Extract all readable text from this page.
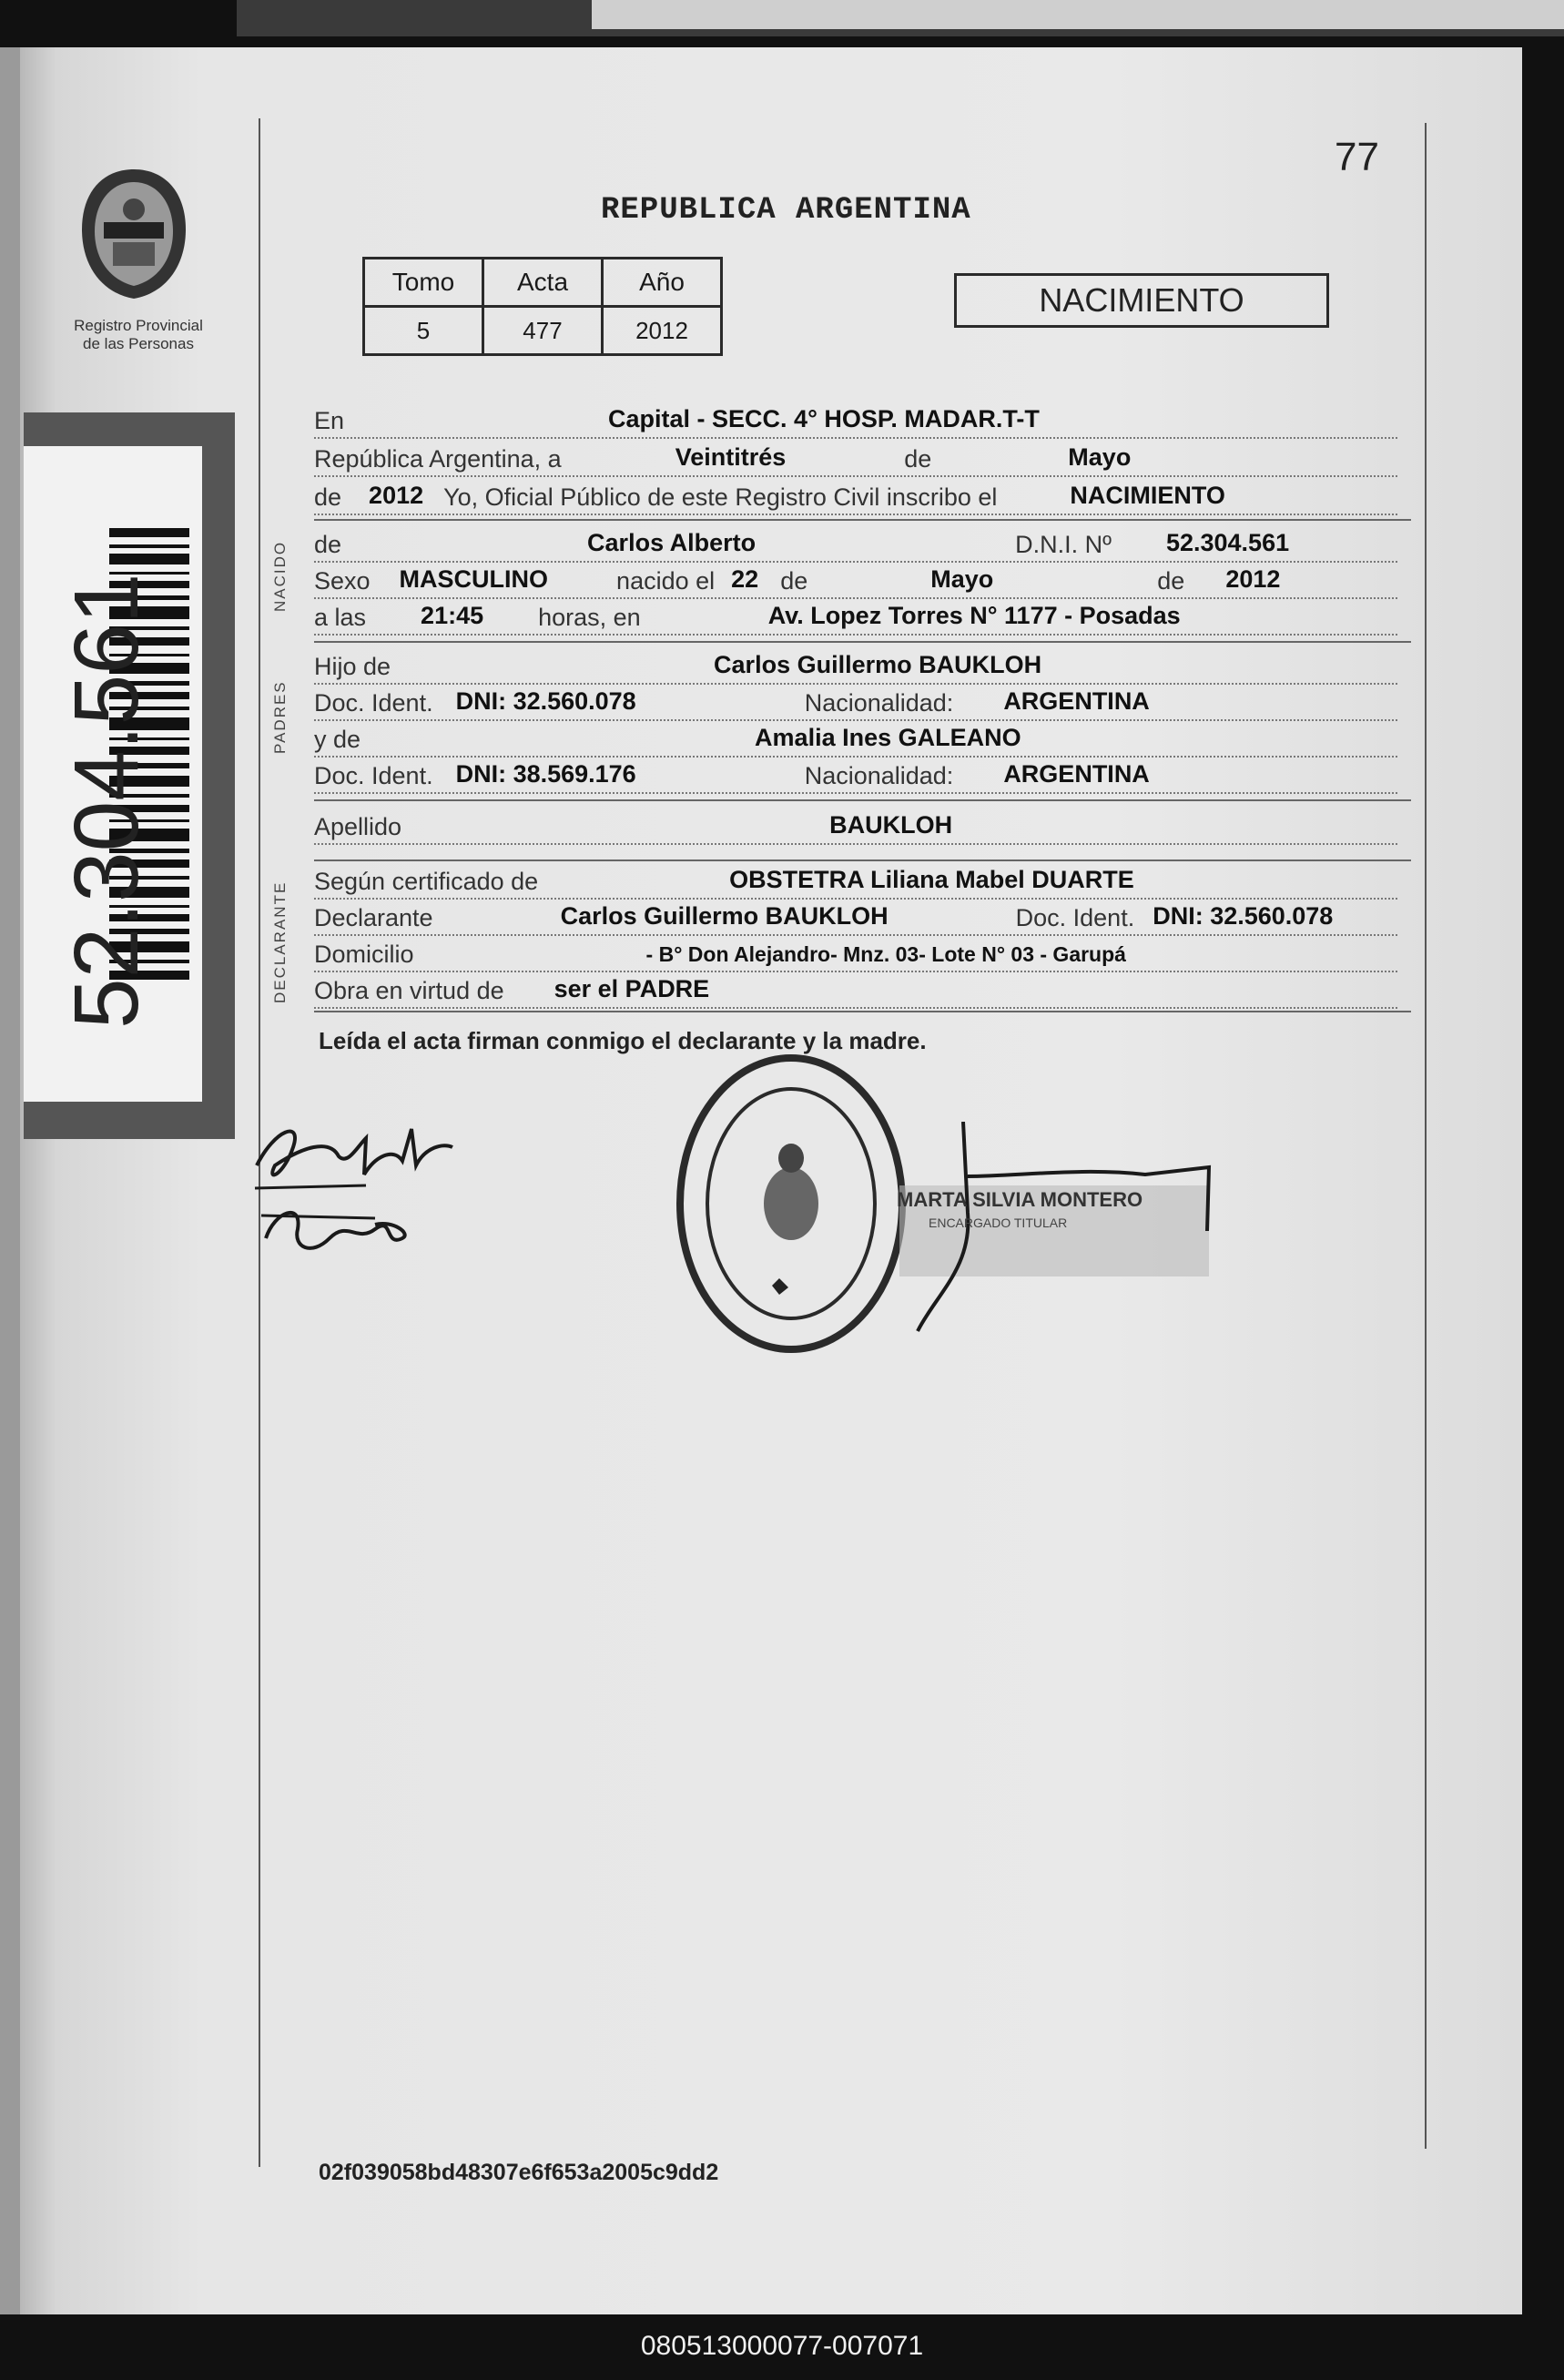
Registro Provincial
de las Personas
52.304.561
77
REPUBLICA ARGENTINA
Tomo	Acta	Año
5	477	2012
NACIMIENTO
En	Capital - SECC. 4° HOSP. MADAR.T-T
República Argentina, a	Veintitrés	de	Mayo
de 2012 Yo, Oficial Público de este Registro Civil inscribo el	NACIMIENTO
NACIDO de	Carlos Alberto	D.N.I. Nº 52.304.561
Sexo MASCULINO	nacido el 22 de	Mayo	de 2012
a las 21:45 horas, en	Av. Lopez Torres N° 1177 - Posadas
PADRES
Hijo de	Carlos Guillermo BAUKLOH
Doc. Ident. DNI: 32.560.078	Nacionalidad: ARGENTINA
y de	Amalia Ines GALEANO
Doc. Ident. DNI: 38.569.176	Nacionalidad: ARGENTINA
Apellido	BAUKLOH
DECLARANTE Según certificado de	OBSTETRA Liliana Mabel DUARTE
Declarante	Carlos Guillermo BAUKLOH	Doc. Ident. DNI: 32.560.078
Domicilio	- B° Don Alejandro- Mnz. 03- Lote N° 03 - Garupá
Obra en virtud de ser el PADRE
Leída el acta firman conmigo el declarante y la madre.
MARTA SILVIA MONTERO
ENCARGADO TITULAR
02f039058bd48307e6f653a2005c9dd2
080513000077-007071
